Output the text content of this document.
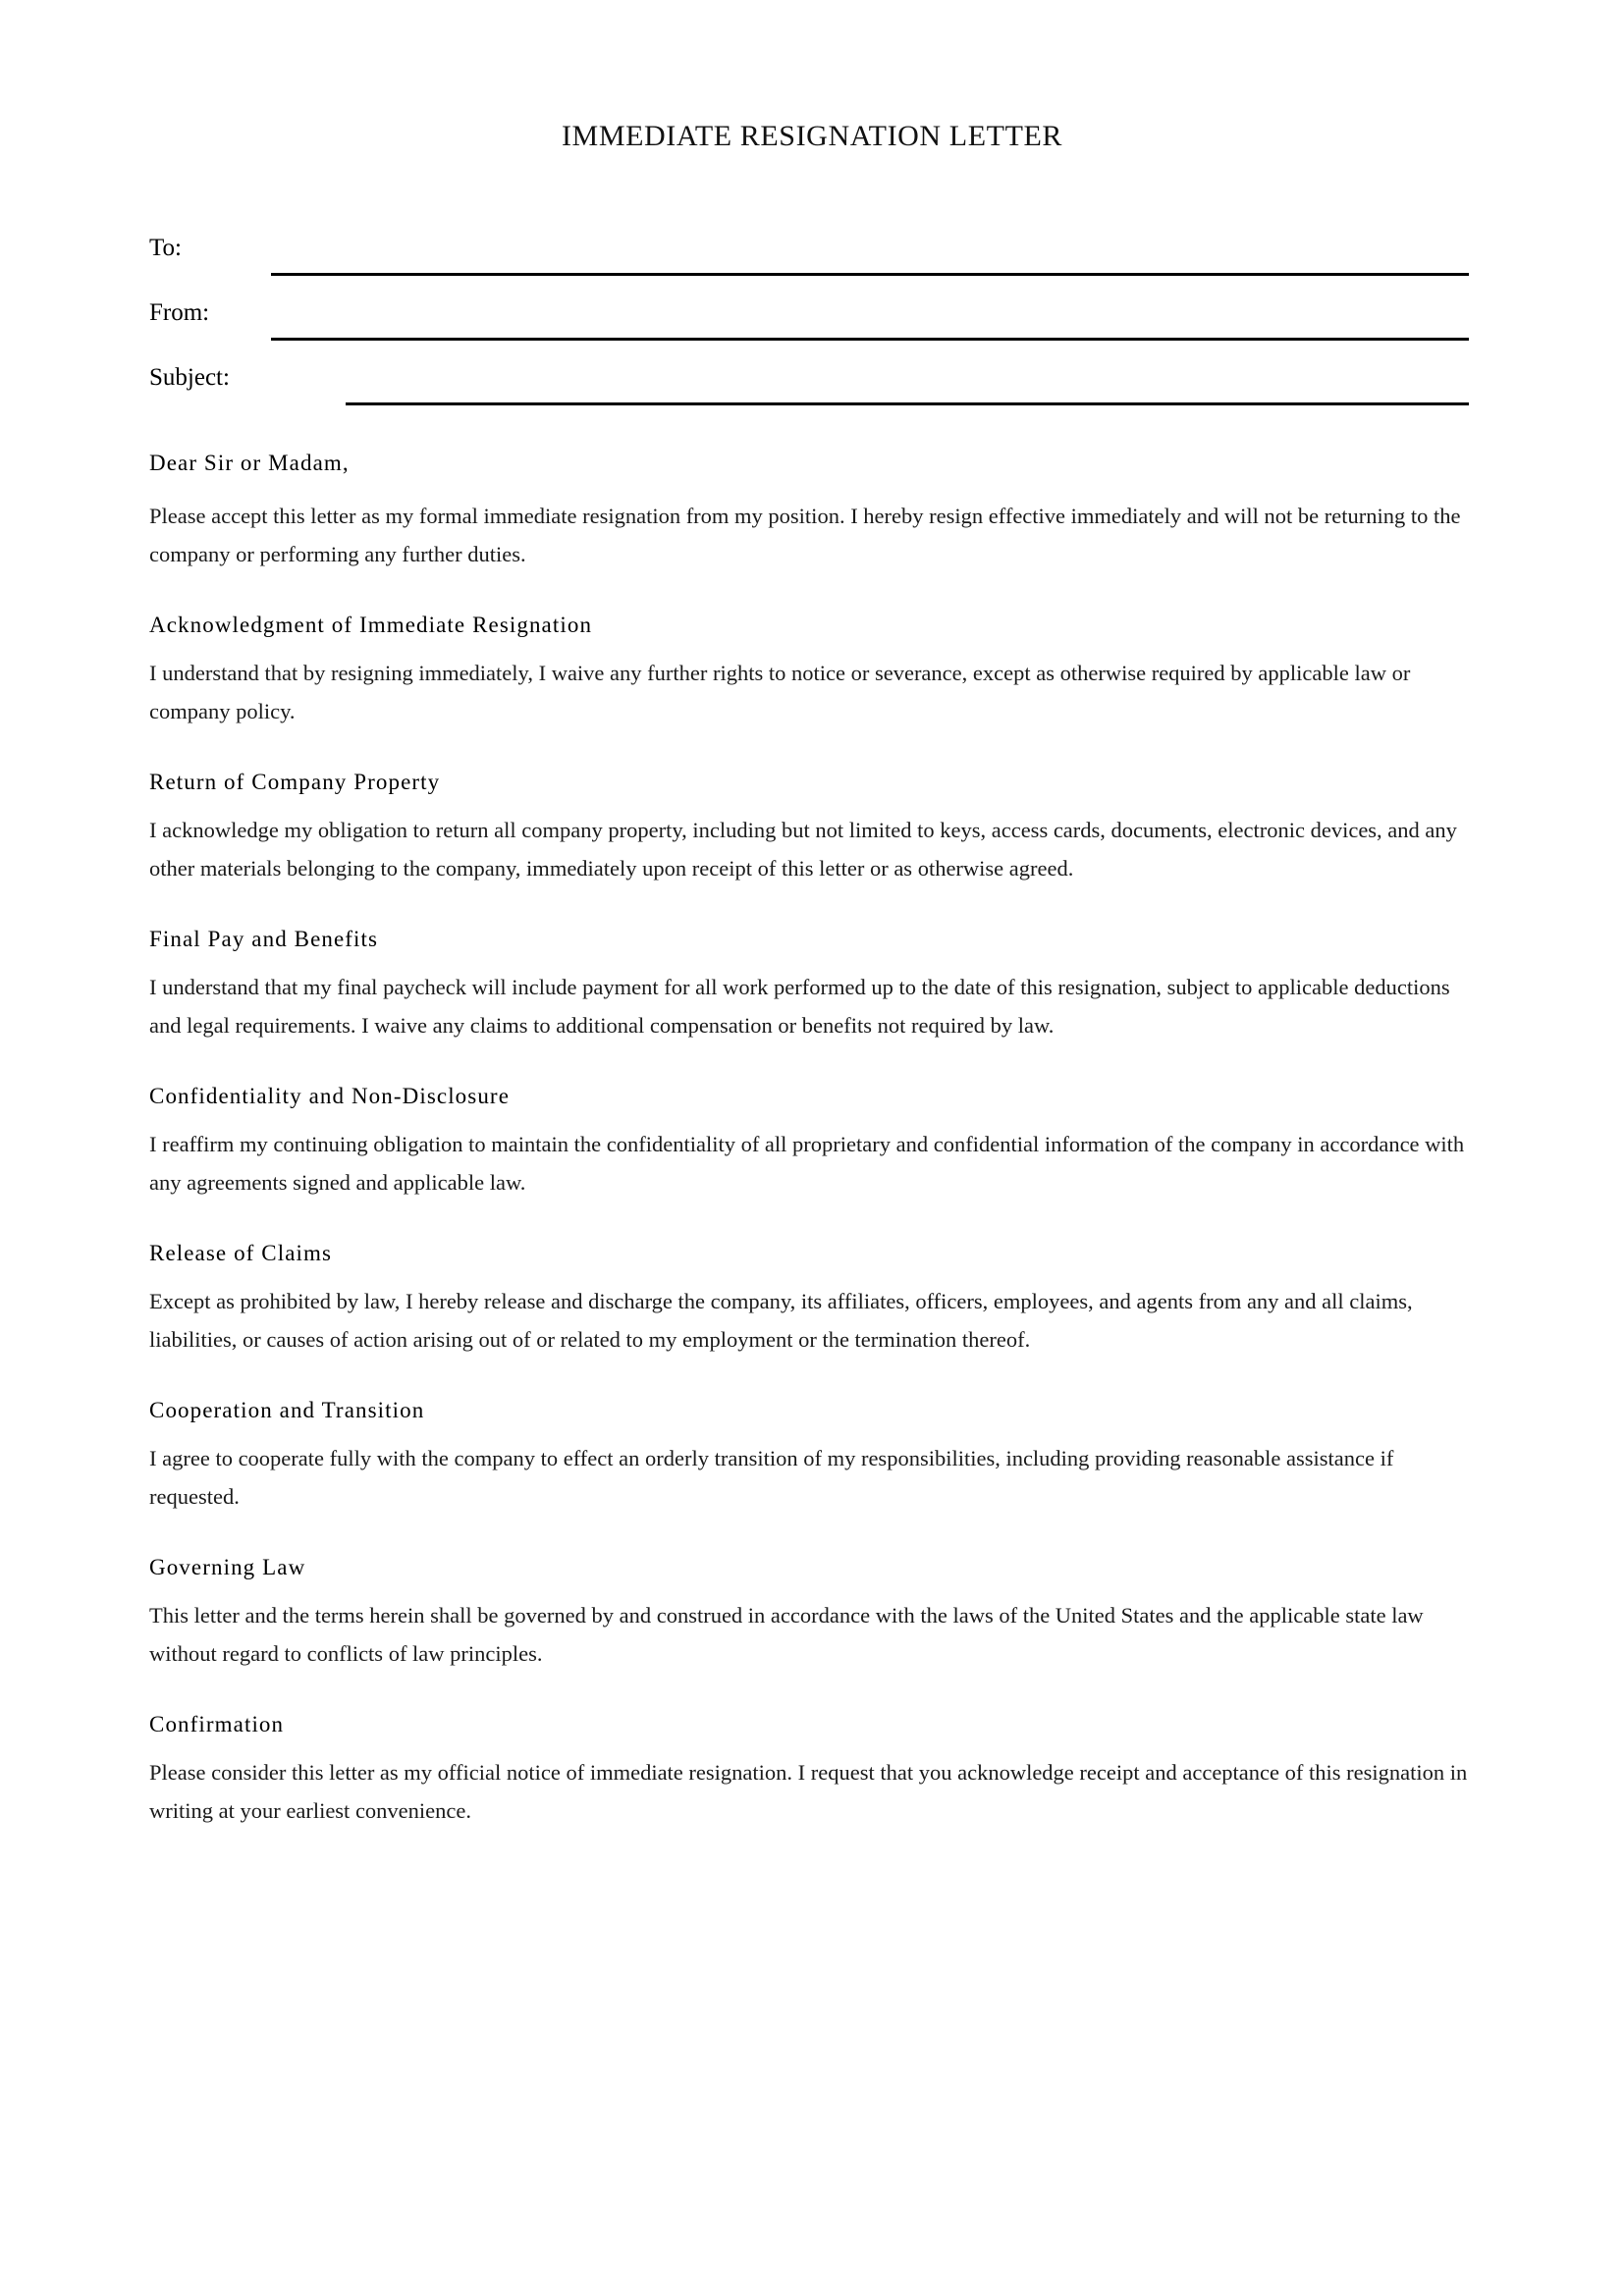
IMMEDIATE RESIGNATION LETTER
To:
From:
Subject:

Dear Sir or Madam,

Please accept this letter as my formal immediate resignation from my position. I hereby resign effective immediately and will not be returning to the company or performing any further duties.

Acknowledgment of Immediate Resignation

I understand that by resigning immediately, I waive any further rights to notice or severance, except as otherwise required by applicable law or company policy.

Return of Company Property

I acknowledge my obligation to return all company property, including but not limited to keys, access cards, documents, electronic devices, and any other materials belonging to the company, immediately upon receipt of this letter or as otherwise agreed.

Final Pay and Benefits

I understand that my final paycheck will include payment for all work performed up to the date of this resignation, subject to applicable deductions and legal requirements. I waive any claims to additional compensation or benefits not required by law.

Confidentiality and Non-Disclosure

I reaffirm my continuing obligation to maintain the confidentiality of all proprietary and confidential information of the company in accordance with any agreements signed and applicable law.

Release of Claims

Except as prohibited by law, I hereby release and discharge the company, its affiliates, officers, employees, and agents from any and all claims, liabilities, or causes of action arising out of or related to my employment or the termination thereof.

Cooperation and Transition

I agree to cooperate fully with the company to effect an orderly transition of my responsibilities, including providing reasonable assistance if requested.

Governing Law

This letter and the terms herein shall be governed by and construed in accordance with the laws of the United States and the applicable state law without regard to conflicts of law principles.

Confirmation

Please consider this letter as my official notice of immediate resignation. I request that you acknowledge receipt and acceptance of this resignation in writing at your earliest convenience.
